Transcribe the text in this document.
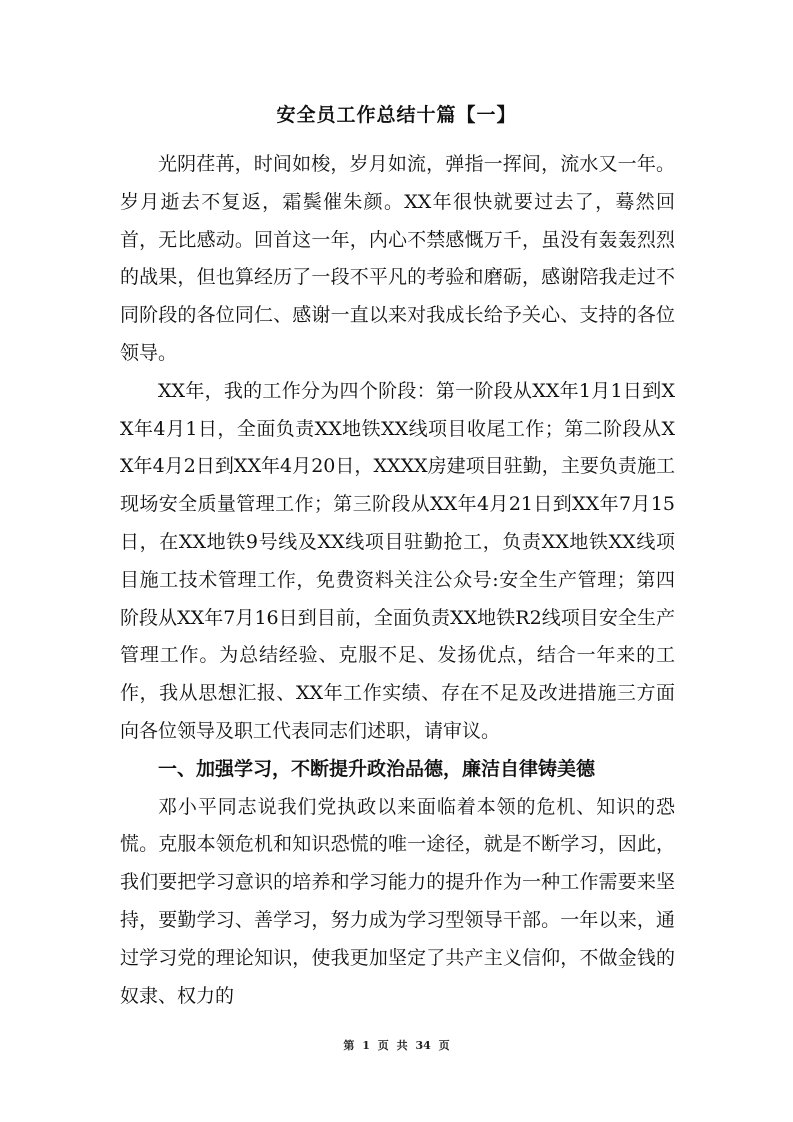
安全员工作总结十篇【一】

光阴荏苒，时间如梭，岁月如流，弹指一挥间，流水又一年。岁月逝去不复返，霜鬓催朱颜。XX年很快就要过去了，蓦然回首，无比感动。回首这一年，内心不禁感慨万千，虽没有轰轰烈烈的战果，但也算经历了一段不平凡的考验和磨砺，感谢陪我走过不同阶段的各位同仁、感谢一直以来对我成长给予关心、支持的各位领导。

XX年，我的工作分为四个阶段：第一阶段从XX年1月1日到XX年4月1日，全面负责XX地铁XX线项目收尾工作；第二阶段从XX年4月2日到XX年4月20日，XXXX房建项目驻勤，主要负责施工现场安全质量管理工作；第三阶段从XX年4月21日到XX年7月15日，在XX地铁9号线及XX线项目驻勤抢工，负责XX地铁XX线项目施工技术管理工作，免费资料关注公众号:安全生产管理；第四阶段从XX年7月16日到目前，全面负责XX地铁R2线项目安全生产管理工作。为总结经验、克服不足、发扬优点，结合一年来的工作，我从思想汇报、XX年工作实绩、存在不足及改进措施三方面向各位领导及职工代表同志们述职，请审议。

一、加强学习，不断提升政治品德，廉洁自律铸美德

邓小平同志说我们党执政以来面临着本领的危机、知识的恐慌。克服本领危机和知识恐慌的唯一途径，就是不断学习，因此，我们要把学习意识的培养和学习能力的提升作为一种工作需要来坚持，要勤学习、善学习，努力成为学习型领导干部。一年以来，通过学习党的理论知识，使我更加坚定了共产主义信仰，不做金钱的奴隶、权力的

第 1 页 共 34 页
